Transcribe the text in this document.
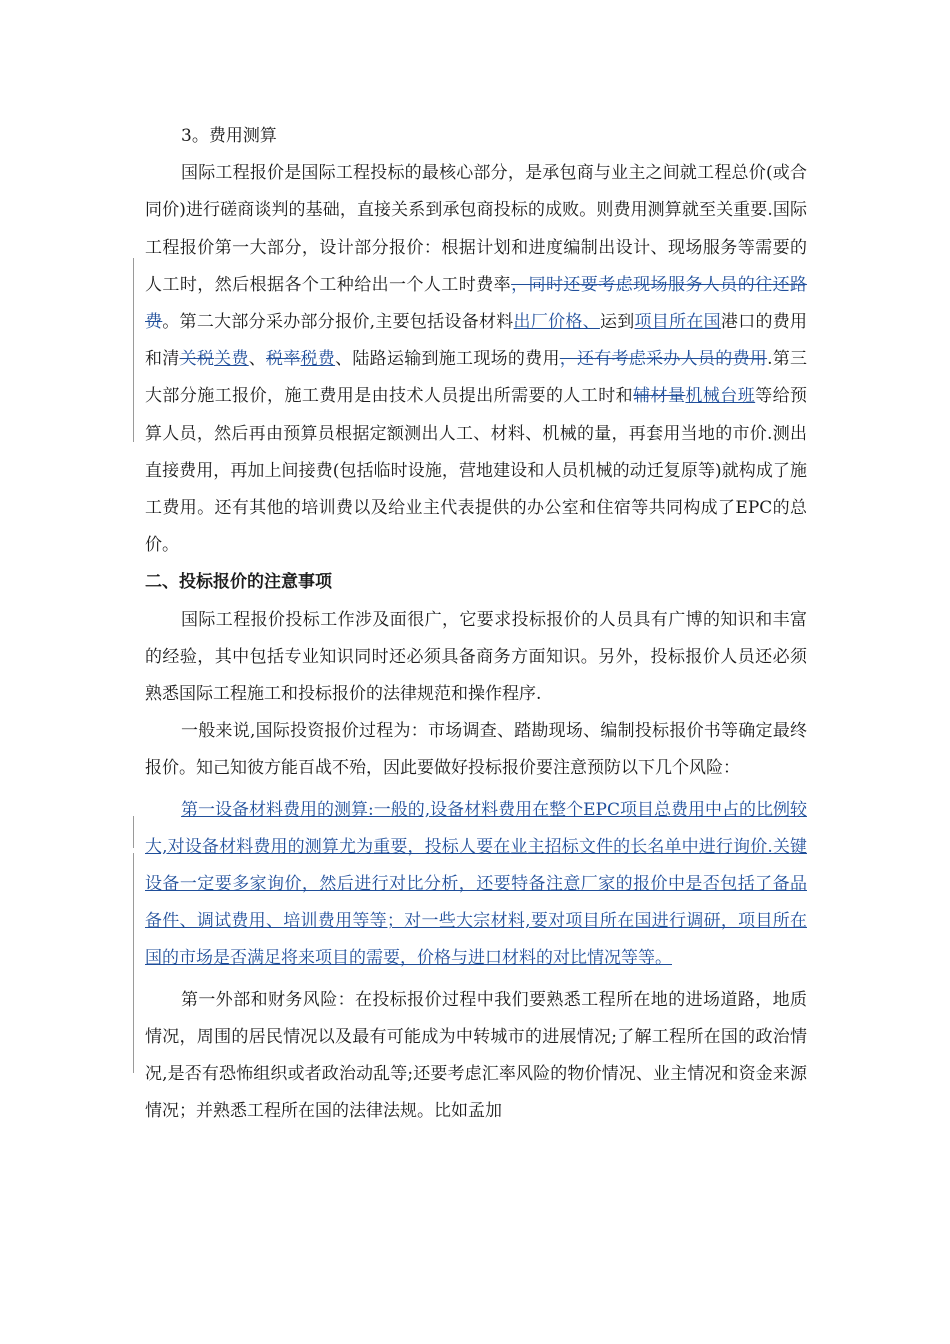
3。费用测算

国际工程报价是国际工程投标的最核心部分，是承包商与业主之间就工程总价(或合同价)进行磋商谈判的基础，直接关系到承包商投标的成败。则费用测算就至关重要.国际工程报价第一大部分，设计部分报价：根据计划和进度编制出设计、现场服务等需要的人工时，然后根据各个工种给出一个人工时费率，同时还要考虑现场服务人员的往还路费。第二大部分采办部分报价,主要包括设备材料出厂价格、运到项目所在国港口的费用和清关税关费、税率税费、陆路运输到施工现场的费用，还有考虑采办人员的费用.第三大部分施工报价，施工费用是由技术人员提出所需要的人工时和辅材量机械台班等给预算人员，然后再由预算员根据定额测出人工、材料、机械的量，再套用当地的市价.测出直接费用，再加上间接费(包括临时设施，营地建设和人员机械的动迁复原等)就构成了施工费用。还有其他的培训费以及给业主代表提供的办公室和住宿等共同构成了EPC的总价。

二、投标报价的注意事项

国际工程报价投标工作涉及面很广，它要求投标报价的人员具有广博的知识和丰富的经验，其中包括专业知识同时还必须具备商务方面知识。另外，投标报价人员还必须熟悉国际工程施工和投标报价的法律规范和操作程序.

一般来说,国际投资报价过程为：市场调查、踏勘现场、编制投标报价书等确定最终报价。知己知彼方能百战不殆，因此要做好投标报价要注意预防以下几个风险：

第一设备材料费用的测算:一般的,设备材料费用在整个EPC项目总费用中占的比例较大,对设备材料费用的测算尤为重要，投标人要在业主招标文件的长名单中进行询价.关键设备一定要多家询价，然后进行对比分析，还要特备注意厂家的报价中是否包括了备品备件、调试费用、培训费用等等；对一些大宗材料,要对项目所在国进行调研，项目所在国的市场是否满足将来项目的需要，价格与进口材料的对比情况等等。

第一外部和财务风险：在投标报价过程中我们要熟悉工程所在地的进场道路，地质情况，周围的居民情况以及最有可能成为中转城市的进展情况;了解工程所在国的政治情况,是否有恐怖组织或者政治动乱等;还要考虑汇率风险的物价情况、业主情况和资金来源情况；并熟悉工程所在国的法律法规。比如孟加
